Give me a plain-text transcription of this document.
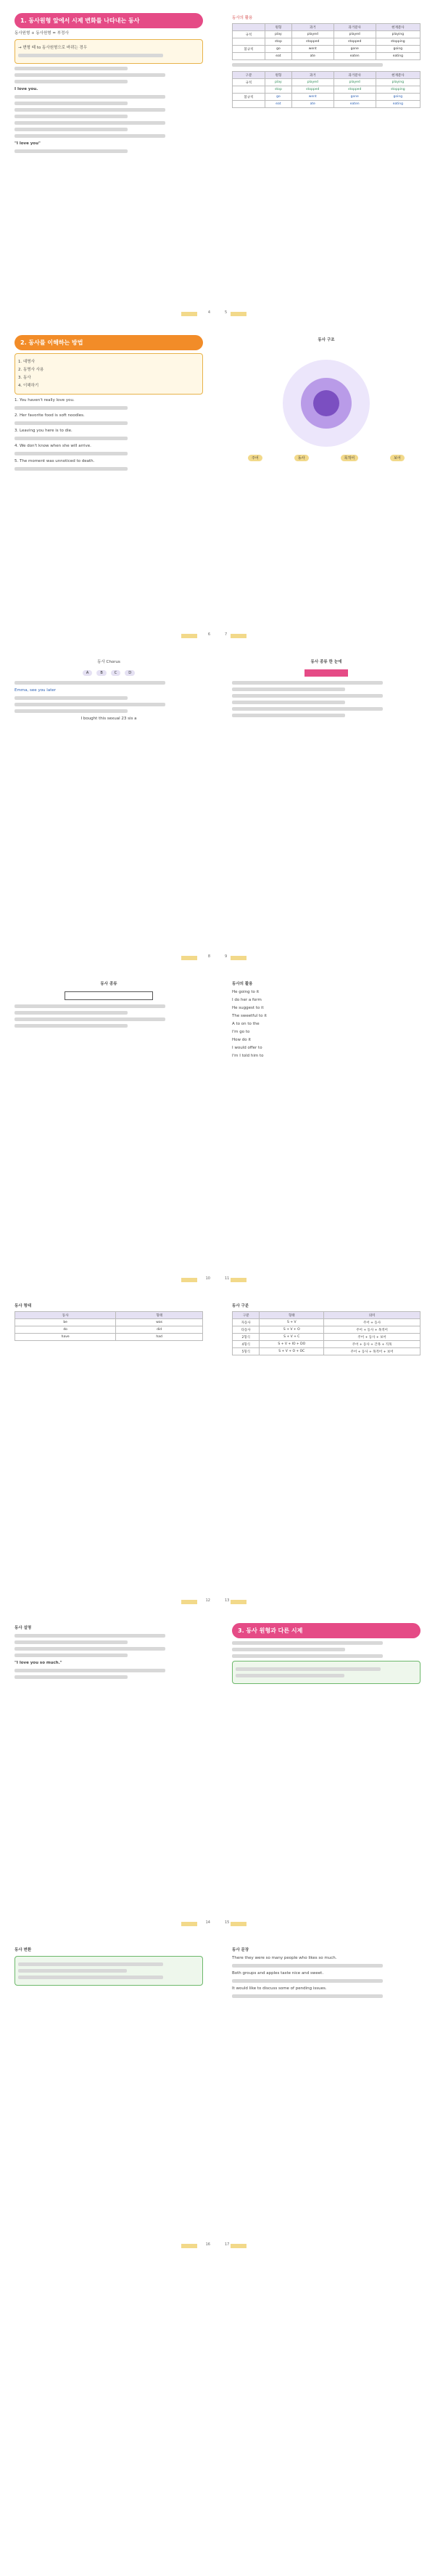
1. 동사원형 앞에서 시제 변화를 나타내는 동사
동사원형 + 동사원형 = 부정사
→ 변형 때 to 동사원형으로 바뀌는 경우
I love you.
"I love you"
4
동사의 활용
	원형	과거	과거분사	현재분사
규칙	play	played	played	playing
	stop	stopped	stopped	stopping
불규칙	go	went	gone	going
	eat	ate	eaten	eating
구분	원형	과거	과거분사	현재분사
규칙	play	played	played	playing
	stop	stopped	stopped	stopping
불규칙	go	went	gone	going
	eat	ate	eaten	eating
5
2. 동사를 이해하는 방법
1. 대명사
2. 동명사 사용
3. 동사
4. 이해하기
1. You haven't really love you.
2. Her favorite food is soft noodles.
3. Leaving you here is to die.
4. We don't know when she will arrive.
5. The moment was unnoticed to death.
6
동사 구조
주어	동사	목적어	보어
7
동사 Chorus
A	B	C	D
Emma, see you later
I bought this sexual 23 sis a
8
동사 종류 한 눈에
9
동사 종류
10
동사의 활용
He going to it
I do her a form
He suggest to it
The sweetful to it
A to on to the
I'm go to
How do it
I would offer to
I'm I told him to
11
동사 형태
동사	형태
be	was
do	did
have	had
12
동사 구분
구분	형태	의미
자동사	S + V	주어 + 동사
타동사	S + V + O	주어 + 동사 + 목적어
2형식	S + V + C	주어 + 동사 + 보어
4형식	S + V + IO + DO	주어 + 동사 + 간목 + 직목
5형식	S + V + O + OC	주어 + 동사 + 목적어 + 보어
13
동사 설명
"I love you so much."
14
3. 동사 원형과 다른 시제
15
동사 변환
16
동사 문장
There they were so many people who likes so much.
Both groups and apples taste nice and sweet.
It would like to discuss some of pending issues.
17
